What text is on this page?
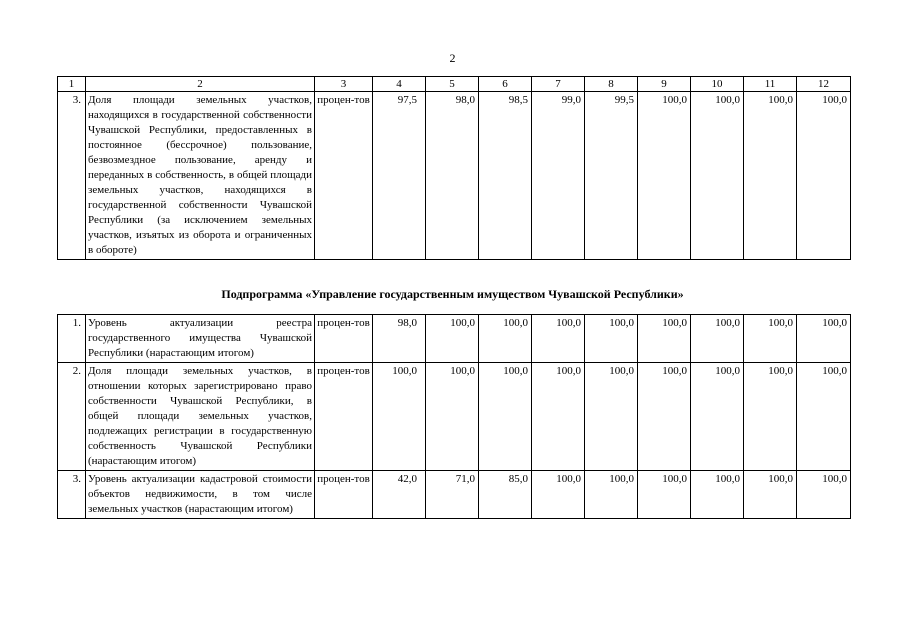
2
1	2	3	4	5	6	7	8	9	10	11	12
3.	Доля площади земельных участков, находящихся в государственной собственности Чувашской Республики, предоставленных в постоянное (бессрочное) пользование, безвозмездное пользование, аренду и переданных в собственность, в общей площади земельных участков, находящихся в государственной собственности Чувашской Республики (за исключением земельных участков, изъятых из оборота и ограниченных в обороте)	процен-тов	97,5	98,0	98,5	99,0	99,5	100,0	100,0	100,0	100,0
Подпрограмма «Управление государственным имуществом Чувашской Республики»
1.	Уровень актуализации реестра государственного имущества Чувашской Республики (нарастающим итогом)	процен-тов	98,0	100,0	100,0	100,0	100,0	100,0	100,0	100,0	100,0
2.	Доля площади земельных участков, в отношении которых зарегистрировано право собственности Чувашской Республики, в общей площади земельных участков, подлежащих регистрации в государственную собственность Чувашской Республики (нарастающим итогом)	процен-тов	100,0	100,0	100,0	100,0	100,0	100,0	100,0	100,0	100,0
3.	Уровень актуализации кадастровой стоимости объектов недвижимости, в том числе земельных участков (нарастающим итогом)	процен-тов	42,0	71,0	85,0	100,0	100,0	100,0	100,0	100,0	100,0
